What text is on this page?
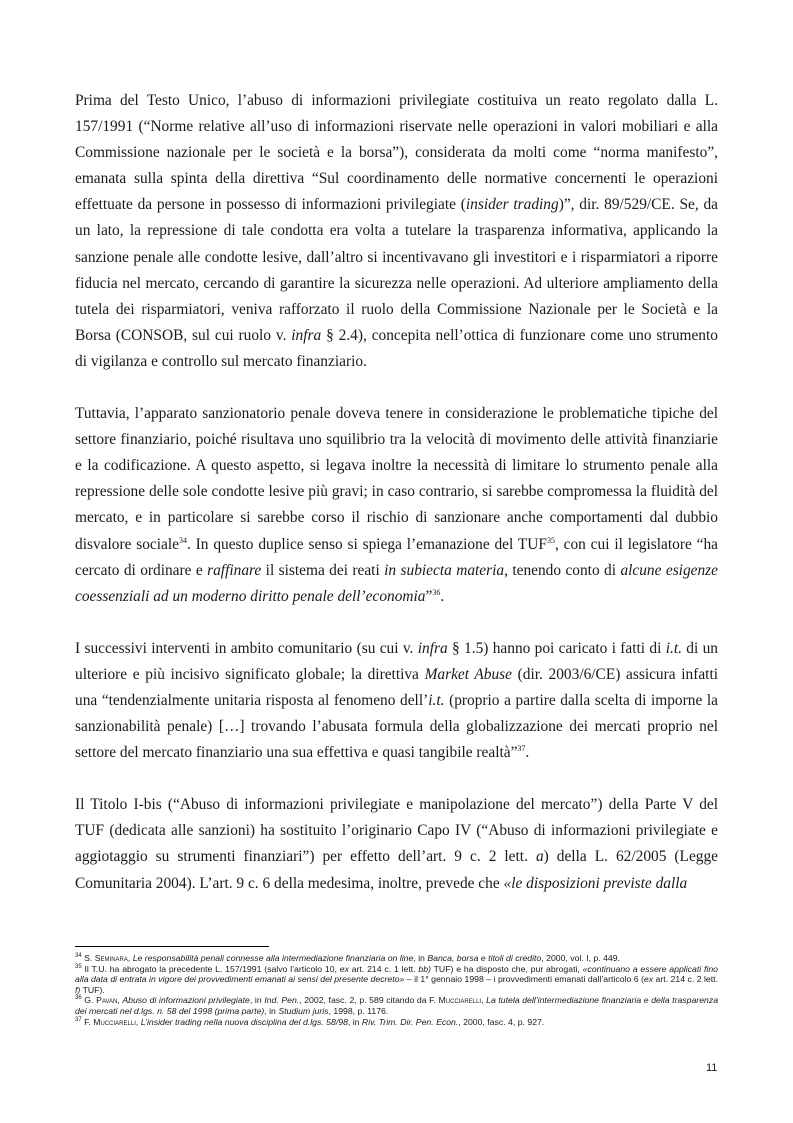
Prima del Testo Unico, l’abuso di informazioni privilegiate costituiva un reato regolato dalla L. 157/1991 (“Norme relative all’uso di informazioni riservate nelle operazioni in valori mobiliari e alla Commissione nazionale per le società e la borsa”), considerata da molti come “norma manifesto”, emanata sulla spinta della direttiva “Sul coordinamento delle normative concernenti le operazioni effettuate da persone in possesso di informazioni privilegiate (insider trading)”, dir. 89/529/CE. Se, da un lato, la repressione di tale condotta era volta a tutelare la trasparenza informativa, applicando la sanzione penale alle condotte lesive, dall’altro si incentivavano gli investitori e i risparmiatori a riporre fiducia nel mercato, cercando di garantire la sicurezza nelle operazioni. Ad ulteriore ampliamento della tutela dei risparmiatori, veniva rafforzato il ruolo della Commissione Nazionale per le Società e la Borsa (CONSOB, sul cui ruolo v. infra § 2.4), concepita nell’ottica di funzionare come uno strumento di vigilanza e controllo sul mercato finanziario.

Tuttavia, l’apparato sanzionatorio penale doveva tenere in considerazione le problematiche tipiche del settore finanziario, poiché risultava uno squilibrio tra la velocità di movimento delle attività finanziarie e la codificazione. A questo aspetto, si legava inoltre la necessità di limitare lo strumento penale alla repressione delle sole condotte lesive più gravi; in caso contrario, si sarebbe compromessa la fluidità del mercato, e in particolare si sarebbe corso il rischio di sanzionare anche comportamenti dal dubbio disvalore sociale$^{34}$. In questo duplice senso si spiega l’emanazione del TUF$^{35}$, con cui il legislatore “ha cercato di ordinare e raffinare il sistema dei reati in subiecta materia, tenendo conto di alcune esigenze coessenziali ad un moderno diritto penale dell’economia”$^{36}$.

I successivi interventi in ambito comunitario (su cui v. infra § 1.5) hanno poi caricato i fatti di i.t. di un ulteriore e più incisivo significato globale; la direttiva Market Abuse (dir. 2003/6/CE) assicura infatti una “tendenzialmente unitaria risposta al fenomeno dell’i.t. (proprio a partire dalla scelta di imporne la sanzionabilità penale) […] trovando l’abusata formula della globalizzazione dei mercati proprio nel settore del mercato finanziario una sua effettiva e quasi tangibile realtà”$^{37}$.

Il Titolo I-bis (“Abuso di informazioni privilegiate e manipolazione del mercato”) della Parte V del TUF (dedicata alle sanzioni) ha sostituito l’originario Capo IV (“Abuso di informazioni privilegiate e aggiotaggio su strumenti finanziari”) per effetto dell’art. 9 c. 2 lett. a) della L. 62/2005 (Legge Comunitaria 2004). L’art. 9 c. 6 della medesima, inoltre, prevede che «le disposizioni previste dalla

$^{34}$ S. Seminara, Le responsabilità penali connesse alla intermediazione finanziaria on line, in Banca, borsa e titoli di credito, 2000, vol. I, p. 449.

$^{35}$ Il T.U. ha abrogato la precedente L. 157/1991 (salvo l’articolo 10, ex art. 214 c. 1 lett. bb) TUF) e ha disposto che, pur abrogati, «continuano a essere applicati fino alla data di entrata in vigore dei provvedimenti emanati ai sensi del presente decreto» – il 1° gennaio 1998 – i provvedimenti emanati dall’articolo 6 (ex art. 214 c. 2 lett. f) TUF).

$^{36}$ G. Pavan, Abuso di informazioni privilegiate, in Ind. Pen., 2002, fasc. 2, p. 589 citando da F. Mucciarelli, La tutela dell’intermediazione finanziaria e della trasparenza dei mercati nel d.lgs. n. 58 del 1998 (prima parte), in Studium juris, 1998, p. 1176.

$^{37}$ F. Mucciarelli, L’insider trading nella nuova disciplina del d.lgs. 58/98, in Riv. Trim. Dir. Pen. Econ., 2000, fasc. 4, p. 927.

11
